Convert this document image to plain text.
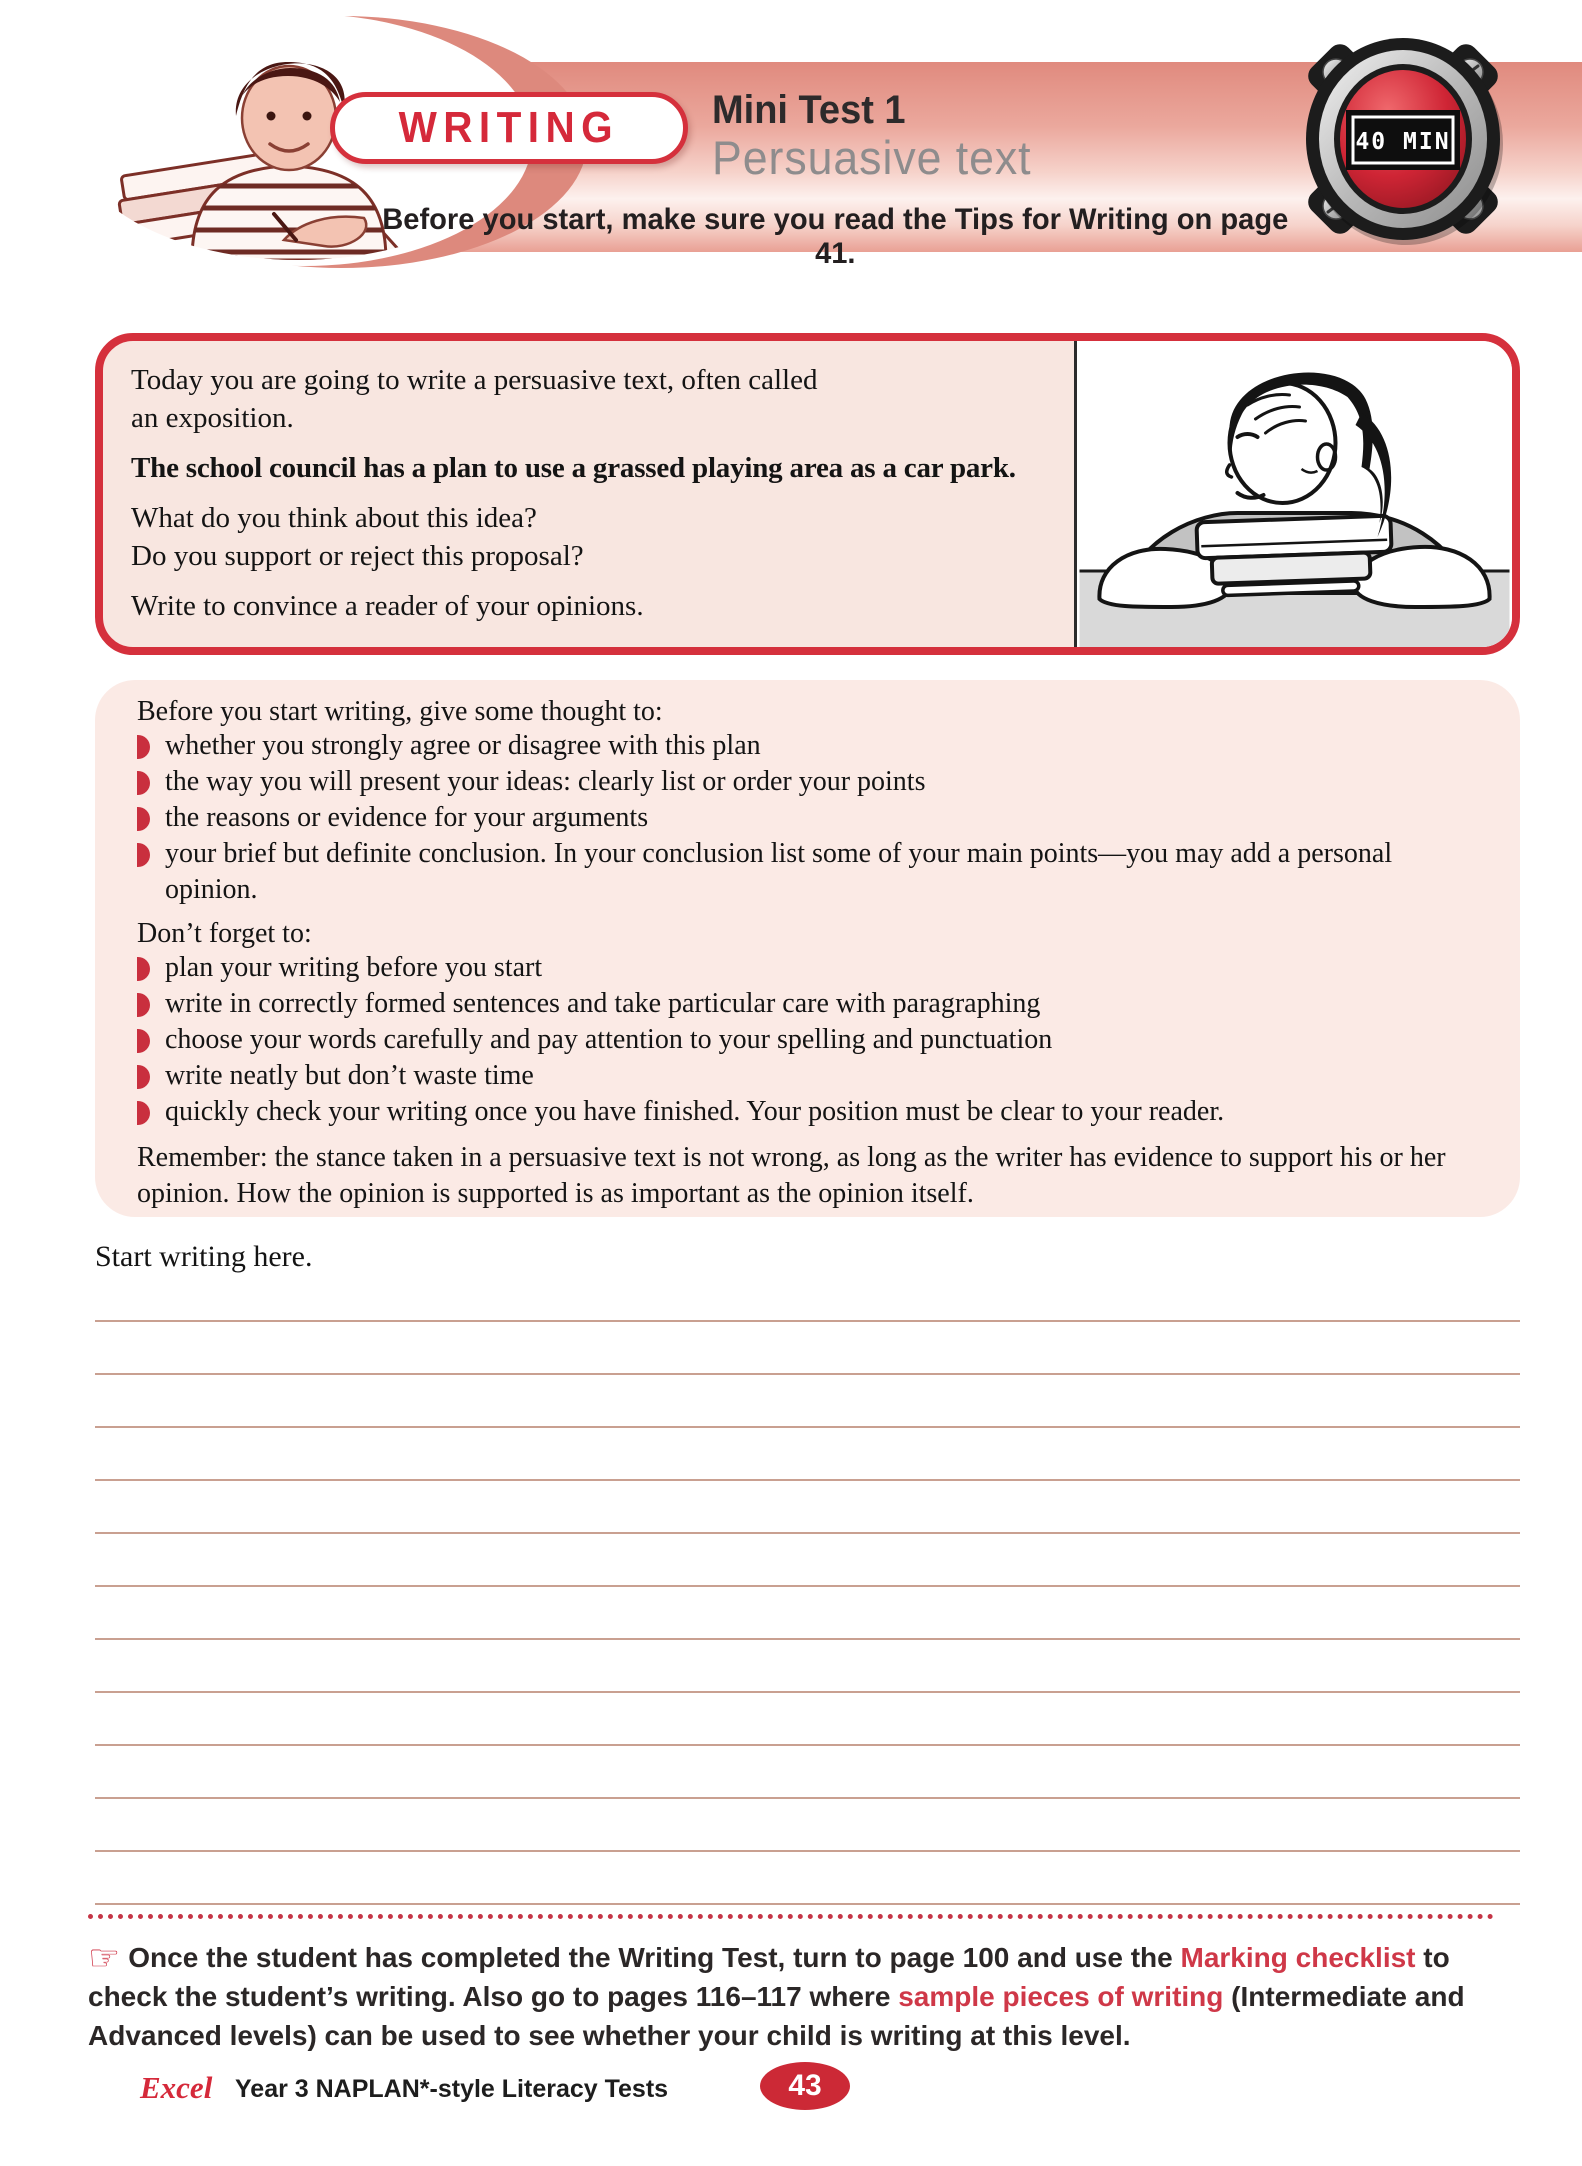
WRITING Mini Test 1
Persuasive text
Before you start, make sure you read the Tips for Writing on page 41.
40 MIN

Today you are going to write a persuasive text, often called
an exposition.

The school council has a plan to use a grassed playing area as a car park.

What do you think about this idea?
Do you support or reject this proposal?

Write to convince a reader of your opinions.

Before you start writing, give some thought to:
whether you strongly agree or disagree with this plan
the way you will present your ideas: clearly list or order your points
the reasons or evidence for your arguments
your brief but definite conclusion. In your conclusion list some of your main points—you may add a personal opinion.
Don’t forget to:
plan your writing before you start
write in correctly formed sentences and take particular care with paragraphing
choose your words carefully and pay attention to your spelling and punctuation
write neatly but don’t waste time
quickly check your writing once you have finished. Your position must be clear to your reader.
Remember: the stance taken in a persuasive text is not wrong, as long as the writer has evidence to support his or her opinion. How the opinion is supported is as important as the opinion itself.
Start writing here.

☞ Once the student has completed the Writing Test, turn to page 100 and use the Marking checklist to check the student’s writing. Also go to pages 116–117 where sample pieces of writing (Intermediate and Advanced levels) can be used to see whether your child is writing at this level.

Excel Year 3 NAPLAN*-style Literacy Tests	43
